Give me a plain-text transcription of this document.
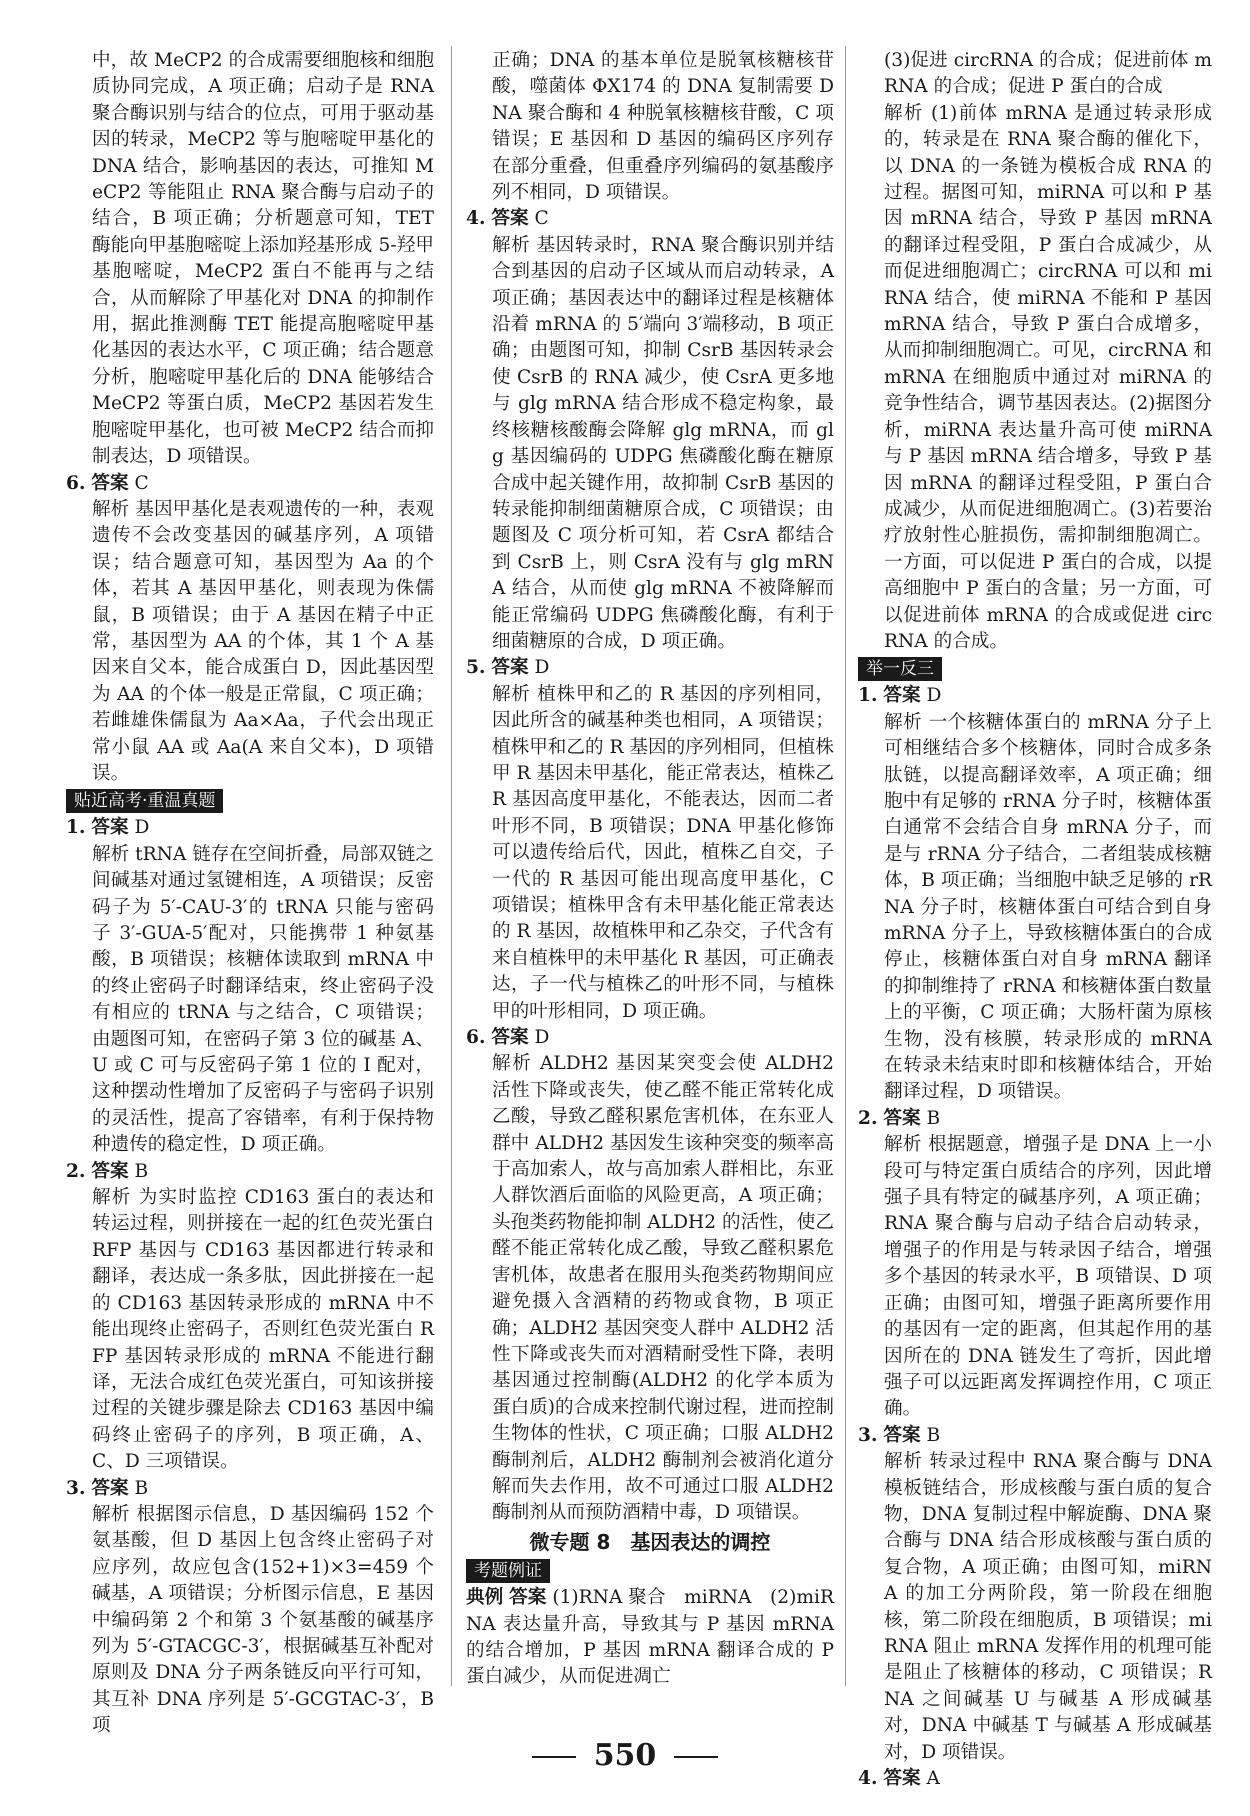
中，故 MeCP2 的合成需要细胞核和细胞质协同完成，A 项正确；启动子是 RNA 聚合酶识别与结合的位点，可用于驱动基因的转录，MeCP2 等与胞嘧啶甲基化的 DNA 结合，影响基因的表达，可推知 MeCP2 等能阻止 RNA 聚合酶与启动子的结合，B 项正确；分析题意可知，TET 酶能向甲基胞嘧啶上添加羟基形成 5-羟甲基胞嘧啶，MeCP2 蛋白不能再与之结合，从而解除了甲基化对 DNA 的抑制作用，据此推测酶 TET 能提高胞嘧啶甲基化基因的表达水平，C 项正确；结合题意分析，胞嘧啶甲基化后的 DNA 能够结合 MeCP2 等蛋白质，MeCP2 基因若发生胞嘧啶甲基化，也可被 MeCP2 结合而抑制表达，D 项错误。
6. 答案 C
解析 基因甲基化是表观遗传的一种，表观遗传不会改变基因的碱基序列，A 项错误；结合题意可知，基因型为 Aa 的个体，若其 A 基因甲基化，则表现为侏儒鼠，B 项错误；由于 A 基因在精子中正常，基因型为 AA 的个体，其 1 个 A 基因来自父本，能合成蛋白 D，因此基因型为 AA 的个体一般是正常鼠，C 项正确；若雌雄侏儒鼠为 Aa×Aa，子代会出现正常小鼠 AA 或 Aa(A 来自父本)，D 项错误。
贴近高考·重温真题
1. 答案 D
解析 tRNA 链存在空间折叠，局部双链之间碱基对通过氢键相连，A 项错误；反密码子为 5′-CAU-3′的 tRNA 只能与密码子 3′-GUA-5′配对，只能携带 1 种氨基酸，B 项错误；核糖体读取到 mRNA 中的终止密码子时翻译结束，终止密码子没有相应的 tRNA 与之结合，C 项错误；由题图可知，在密码子第 3 位的碱基 A、U 或 C 可与反密码子第 1 位的 I 配对，这种摆动性增加了反密码子与密码子识别的灵活性，提高了容错率，有利于保持物种遗传的稳定性，D 项正确。
2. 答案 B
解析 为实时监控 CD163 蛋白的表达和转运过程，则拼接在一起的红色荧光蛋白 RFP 基因与 CD163 基因都进行转录和翻译，表达成一条多肽，因此拼接在一起的 CD163 基因转录形成的 mRNA 中不能出现终止密码子，否则红色荧光蛋白 RFP 基因转录形成的 mRNA 不能进行翻译，无法合成红色荧光蛋白，可知该拼接过程的关键步骤是除去 CD163 基因中编码终止密码子的序列，B 项正确，A、C、D 三项错误。
3. 答案 B
解析 根据图示信息，D 基因编码 152 个氨基酸，但 D 基因上包含终止密码子对应序列，故应包含(152+1)×3=459 个碱基，A 项错误；分析图示信息，E 基因中编码第 2 个和第 3 个氨基酸的碱基序列为 5′-GTACGC-3′，根据碱基互补配对原则及 DNA 分子两条链反向平行可知，其互补 DNA 序列是 5′-GCGTAC-3′，B 项
正确；DNA 的基本单位是脱氧核糖核苷酸，噬菌体 ΦX174 的 DNA 复制需要 DNA 聚合酶和 4 种脱氧核糖核苷酸，C 项错误；E 基因和 D 基因的编码区序列存在部分重叠，但重叠序列编码的氨基酸序列不相同，D 项错误。
4. 答案 C
解析 基因转录时，RNA 聚合酶识别并结合到基因的启动子区域从而启动转录，A 项正确；基因表达中的翻译过程是核糖体沿着 mRNA 的 5′端向 3′端移动，B 项正确；由题图可知，抑制 CsrB 基因转录会使 CsrB 的 RNA 减少，使 CsrA 更多地与 glg mRNA 结合形成不稳定构象，最终核糖核酸酶会降解 glg mRNA，而 glg 基因编码的 UDPG 焦磷酸化酶在糖原合成中起关键作用，故抑制 CsrB 基因的转录能抑制细菌糖原合成，C 项错误；由题图及 C 项分析可知，若 CsrA 都结合到 CsrB 上，则 CsrA 没有与 glg mRNA 结合，从而使 glg mRNA 不被降解而能正常编码 UDPG 焦磷酸化酶，有利于细菌糖原的合成，D 项正确。
5. 答案 D
解析 植株甲和乙的 R 基因的序列相同，因此所含的碱基种类也相同，A 项错误；植株甲和乙的 R 基因的序列相同，但植株甲 R 基因未甲基化，能正常表达，植株乙 R 基因高度甲基化，不能表达，因而二者叶形不同，B 项错误；DNA 甲基化修饰可以遗传给后代，因此，植株乙自交，子一代的 R 基因可能出现高度甲基化，C 项错误；植株甲含有未甲基化能正常表达的 R 基因，故植株甲和乙杂交，子代含有来自植株甲的未甲基化 R 基因，可正确表达，子一代与植株乙的叶形不同，与植株甲的叶形相同，D 项正确。
6. 答案 D
解析 ALDH2 基因某突变会使 ALDH2 活性下降或丧失，使乙醛不能正常转化成乙酸，导致乙醛积累危害机体，在东亚人群中 ALDH2 基因发生该种突变的频率高于高加索人，故与高加索人群相比，东亚人群饮酒后面临的风险更高，A 项正确；头孢类药物能抑制 ALDH2 的活性，使乙醛不能正常转化成乙酸，导致乙醛积累危害机体，故患者在服用头孢类药物期间应避免摄入含酒精的药物或食物，B 项正确；ALDH2 基因突变人群中 ALDH2 活性下降或丧失而对酒精耐受性下降，表明基因通过控制酶(ALDH2 的化学本质为蛋白质)的合成来控制代谢过程，进而控制生物体的性状，C 项正确；口服 ALDH2 酶制剂后，ALDH2 酶制剂会被消化道分解而失去作用，故不可通过口服 ALDH2 酶制剂从而预防酒精中毒，D 项错误。
微专题 8　基因表达的调控
考题例证
典例 答案 (1)RNA 聚合　miRNA　(2)miRNA 表达量升高，导致其与 P 基因 mRNA 的结合增加，P 基因 mRNA 翻译合成的 P 蛋白减少，从而促进凋亡
(3)促进 circRNA 的合成；促进前体 mRNA 的合成；促进 P 蛋白的合成
解析 (1)前体 mRNA 是通过转录形成的，转录是在 RNA 聚合酶的催化下，以 DNA 的一条链为模板合成 RNA 的过程。据图可知，miRNA 可以和 P 基因 mRNA 结合，导致 P 基因 mRNA 的翻译过程受阻，P 蛋白合成减少，从而促进细胞凋亡；circRNA 可以和 miRNA 结合，使 miRNA 不能和 P 基因 mRNA 结合，导致 P 蛋白合成增多，从而抑制细胞凋亡。可见，circRNA 和 mRNA 在细胞质中通过对 miRNA 的竞争性结合，调节基因表达。(2)据图分析，miRNA 表达量升高可使 miRNA 与 P 基因 mRNA 结合增多，导致 P 基因 mRNA 的翻译过程受阻，P 蛋白合成减少，从而促进细胞凋亡。(3)若要治疗放射性心脏损伤，需抑制细胞凋亡。一方面，可以促进 P 蛋白的合成，以提高细胞中 P 蛋白的含量；另一方面，可以促进前体 mRNA 的合成或促进 circRNA 的合成。
举一反三
1. 答案 D
解析 一个核糖体蛋白的 mRNA 分子上可相继结合多个核糖体，同时合成多条肽链，以提高翻译效率，A 项正确；细胞中有足够的 rRNA 分子时，核糖体蛋白通常不会结合自身 mRNA 分子，而是与 rRNA 分子结合，二者组装成核糖体，B 项正确；当细胞中缺乏足够的 rRNA 分子时，核糖体蛋白可结合到自身 mRNA 分子上，导致核糖体蛋白的合成停止，核糖体蛋白对自身 mRNA 翻译的抑制维持了 rRNA 和核糖体蛋白数量上的平衡，C 项正确；大肠杆菌为原核生物，没有核膜，转录形成的 mRNA 在转录未结束时即和核糖体结合，开始翻译过程，D 项错误。
2. 答案 B
解析 根据题意，增强子是 DNA 上一小段可与特定蛋白质结合的序列，因此增强子具有特定的碱基序列，A 项正确；RNA 聚合酶与启动子结合启动转录，增强子的作用是与转录因子结合，增强多个基因的转录水平，B 项错误、D 项正确；由图可知，增强子距离所要作用的基因有一定的距离，但其起作用的基因所在的 DNA 链发生了弯折，因此增强子可以远距离发挥调控作用，C 项正确。
3. 答案 B
解析 转录过程中 RNA 聚合酶与 DNA 模板链结合，形成核酸与蛋白质的复合物，DNA 复制过程中解旋酶、DNA 聚合酶与 DNA 结合形成核酸与蛋白质的复合物，A 项正确；由图可知，miRNA 的加工分两阶段，第一阶段在细胞核，第二阶段在细胞质，B 项错误；miRNA 阻止 mRNA 发挥作用的机理可能是阻止了核糖体的移动，C 项错误；RNA 之间碱基 U 与碱基 A 形成碱基对，DNA 中碱基 T 与碱基 A 形成碱基对，D 项错误。
4. 答案 A
550
